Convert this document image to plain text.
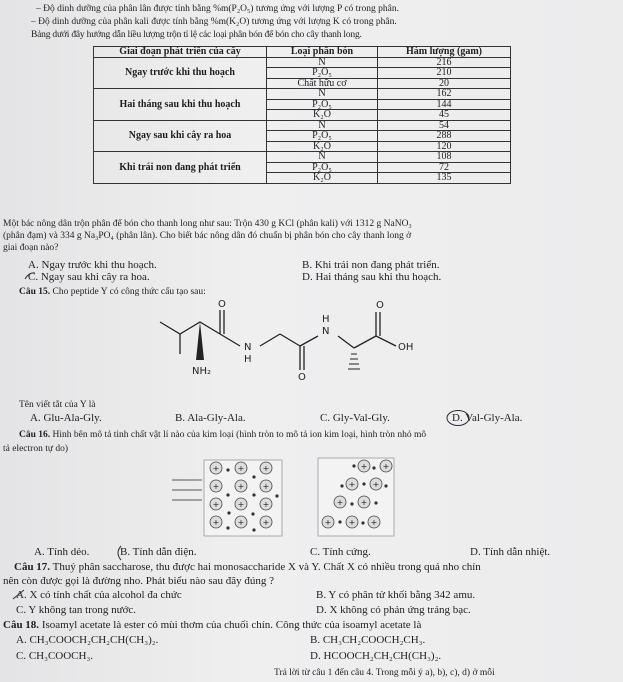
– Độ dinh dưỡng của phân lân được tính bằng %m(P₂O₅) tương ứng với lượng P có trong phân.
– Độ dinh dưỡng của phân kali được tính bằng %m(K₂O) tương ứng với lượng K có trong phân.
Bảng dưới đây hướng dẫn liều lượng trộn tỉ lệ các loại phân bón để bón cho cây thanh long.
Giai đoạn phát triển của cây	Loại phân bón	Hàm lượng (gam)
Ngay trước khi thu hoạch	N	216
	P₂O₅	210
	Chất hữu cơ	20
Hai tháng sau khi thu hoạch	N	162
	P₂O₅	144
	K₂O	45
Ngay sau khi cây ra hoa	N	54
	P₂O₅	288
	K₂O	120
Khi trái non đang phát triển	N	108
	P₂O₅	72
	K₂O	135
Một bác nông dân trộn phân để bón cho thanh long như sau: Trộn 430 g KCl (phân kali) với 1312 g NaNO₃
(phân đạm) và 334 g Na₃PO₄ (phân lân). Cho biết bác nông dân đó chuẩn bị phân bón cho cây thanh long ở
giai đoạn nào?
A. Ngay trước khi thu hoạch.	B. Khi trái non đang phát triển.
C. Ngay sau khi cây ra hoa.	D. Hai tháng sau khi thu hoạch.
Câu 15. Cho peptide Y có công thức cấu tạo sau:
O
N
H
O
H
N
O
OH
NH₂
Tên viết tắt của Y là
A. Glu-Ala-Gly.	B. Ala-Gly-Ala.	C. Gly-Val-Gly.	D. Val-Gly-Ala.
Câu 16. Hình bên mô tả tinh chất vật lí nào của kim loại (hình tròn to mô tả ion kim loại, hình tròn nhỏ mô
tả electron tự do)
+ + +
+ + +
+ + +
+ + +
+ +
+ +
+ +
+ + +
A. Tính dẻo.	B. Tính dẫn điện.	C. Tính cứng.	D. Tính dẫn nhiệt.
Câu 17. Thuỷ phân saccharose, thu được hai monosaccharide X và Y. Chất X có nhiều trong quả nho chín
nên còn được gọi là đường nho. Phát biểu nào sau đây đúng ?
A. X có tính chất của alcohol đa chức	B. Y có phân tử khối bằng 342 amu.
C. Y không tan trong nước.	D. X không có phản ứng tráng bạc.
Câu 18. Isoamyl acetate là ester có mùi thơm của chuối chín. Công thức của isoamyl acetate là
A. CH₃COOCH₂CH₂CH(CH₃)₂.	B. CH₃CH₂COOCH₂CH₃.
C. CH₃COOCH₃.	D. HCOOCH₂CH₂CH(CH₃)₂.
Trả lời từ câu 1 đến câu 4. Trong mỗi ý a), b), c), d) ở mỗi
